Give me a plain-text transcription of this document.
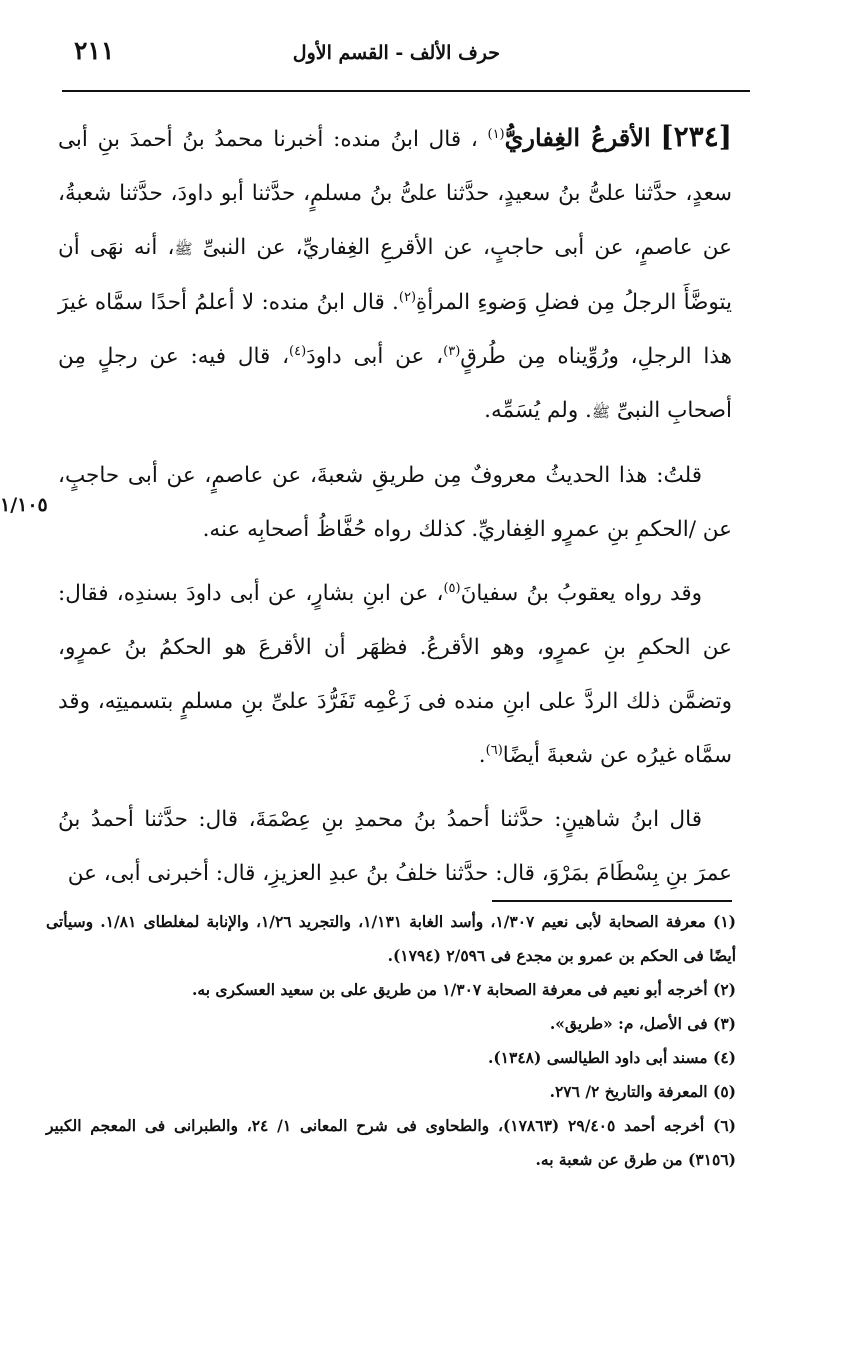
٢١١	حرف الألف - القسم الأول

[٢٣٤] الأقرعُ الغِفاريُّ$^{(١)}$ ، قال ابنُ منده: أخبرنا محمدُ بنُ أحمدَ بنِ أبى سعدٍ، حدَّثنا علىُّ بنُ سعيدٍ، حدَّثنا علىُّ بنُ مسلمٍ، حدَّثنا أبو داودَ، حدَّثنا شعبةُ، عن عاصمٍ، عن أبى حاجبٍ، عن الأقرعِ الغِفاريِّ، عن النبىِّ ﷺ، أنه نهَى أن يتوضَّأَ الرجلُ مِن فضلِ وَضوءِ المرأةِ$^{(٢)}$. قال ابنُ منده: لا أعلمُ أحدًا سمَّاه غيرَ هذا الرجلِ، ورُوِّيناه مِن طُرقٍ$^{(٣)}$، عن أبى داودَ$^{(٤)}$، قال فيه: عن رجلٍ مِن أصحابِ النبىِّ ﷺ. ولم يُسَمِّه.

قلتُ: هذا الحديثُ معروفٌ مِن طريقِ شعبةَ، عن عاصمٍ، عن أبى حاجبٍ، عن /الحكمِ بنِ عمرٍو الغِفاريِّ. كذلك رواه حُفَّاظُ أصحابِه عنه.

وقد رواه يعقوبُ بنُ سفيانَ$^{(٥)}$، عن ابنِ بشارٍ، عن أبى داودَ بسندِه، فقال: عن الحكمِ بنِ عمرٍو، وهو الأقرعُ. فظهَر أن الأقرعَ هو الحكمُ بنُ عمرٍو، وتضمَّن ذلك الردَّ على ابنِ منده فى زَعْمِه تَفَرُّدَ علىِّ بنِ مسلمٍ بتسميتِه، وقد سمَّاه غيرُه عن شعبةَ أيضًا$^{(٦)}$.

قال ابنُ شاهينٍ: حدَّثنا أحمدُ بنُ محمدِ بنِ عِصْمَةَ، قال: حدَّثنا أحمدُ بنُ عمرَ بنِ بِسْطَامَ بمَرْوَ، قال: حدَّثنا خلفُ بنُ عبدِ العزيزِ، قال: أخبرنى أبى، عن

١/١٠٥

(١) معرفة الصحابة لأبى نعيم ١/٣٠٧، وأسد الغابة ١/١٣١، والتجريد ١/٢٦، والإنابة لمغلطاى ١/٨١. وسيأتى أيضًا فى الحكم بن عمرو بن مجدع فى ٢/٥٩٦ (١٧٩٤).

(٢) أخرجه أبو نعيم فى معرفة الصحابة ١/٣٠٧ من طريق على بن سعيد العسكرى به.

(٣) فى الأصل، م: «طريق».

(٤) مسند أبى داود الطيالسى (١٣٤٨).

(٥) المعرفة والتاريخ ٢/ ٢٧٦.

(٦) أخرجه أحمد ٢٩/٤٠٥ (١٧٨٦٣)، والطحاوى فى شرح المعانى ١/ ٢٤، والطبرانى فى المعجم الكبير (٣١٥٦) من طرق عن شعبة به.
